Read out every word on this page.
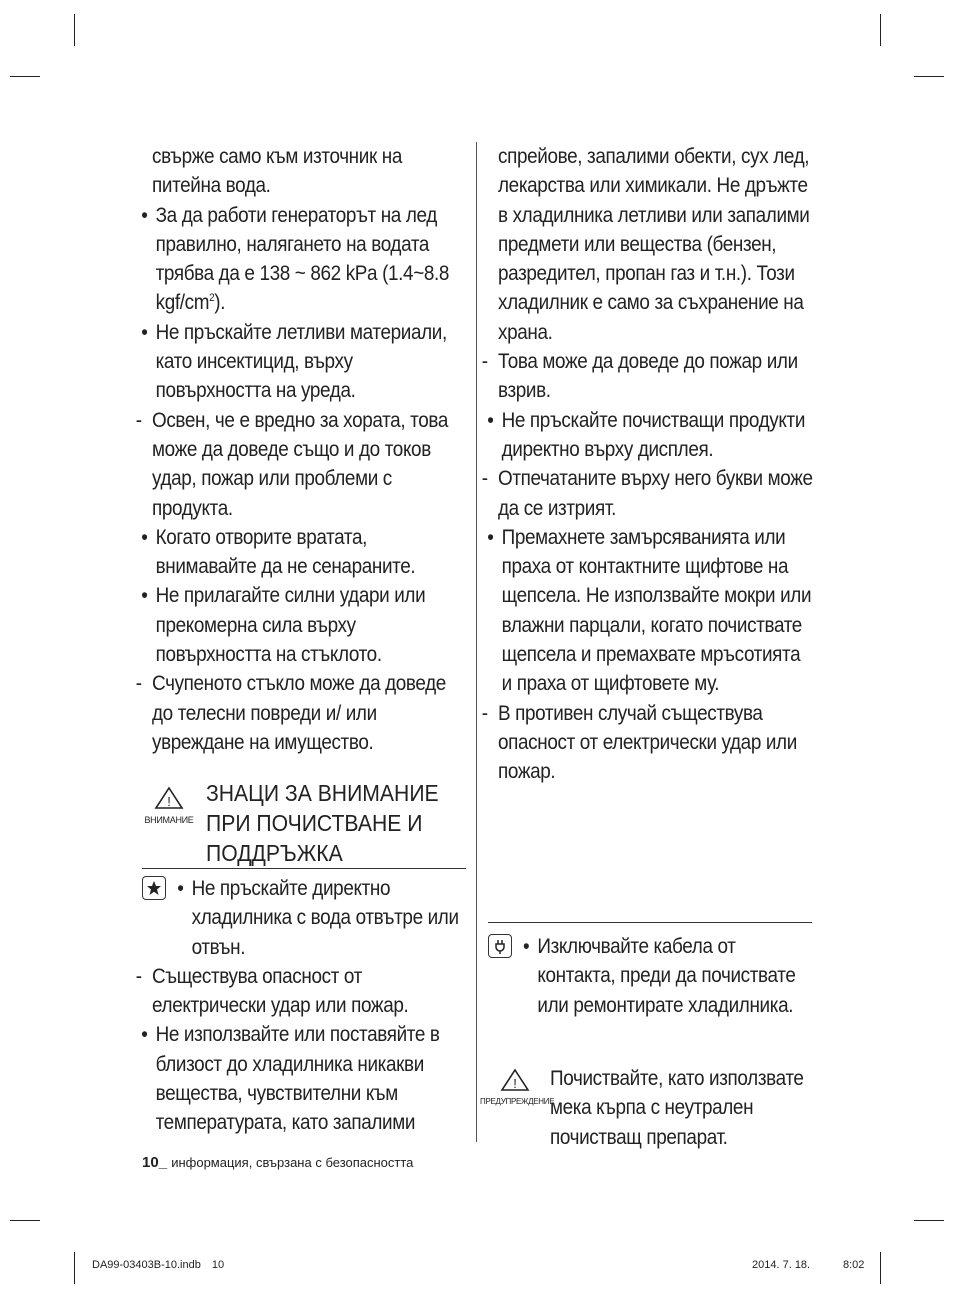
свърже само към източник на питейна вода.

• За да работи генераторът на лед правилно, налягането на водата трябва да е 138 ~ 862 kPa (1.4~8.8 kgf/$cm^2$).

• Не пръскайте летливи материали, като инсектицид, върху повърхността на уреда.

- Освен, че е вредно за хората, това може да доведе също и до токов удар, пожар или проблеми с продукта.

• Когато отворите вратата, внимавайте да не сенараните.

• Не прилагайте силни удари или прекомерна сила върху повърхността на стъклото.

- Счупеното стъкло може да доведе до телесни повреди и/ или увреждане на имущество.

!
ВНИМАНИЕ
ЗНАЦИ ЗА ВНИМАНИЕ
ПРИ ПОЧИСТВАНЕ И
ПОДДРЪЖКА

• Не пръскайте директно хладилника с вода отвътре или отвън.

- Съществува опасност от електрически удар или пожар.

• Не използвайте или поставяйте в близост до хладилника никакви вещества, чувствителни към температурата, като запалими

спрейове, запалими обекти, сух лед, лекарства или химикали. Не дръжте в хладилника летливи или запалими предмети или вещества (бензен, разредител, пропан газ и т.н.). Този хладилник е само за съхранение на храна.

- Това може да доведе до пожар или взрив.

• Не пръскайте почистващи продукти директно върху дисплея.

- Отпечатаните върху него букви може да се изтрият.

• Премахнете замърсяванията или праха от контактните щифтове на щепсела. Не използвайте мокри или влажни парцали, когато почиствате щепсела и премахвате мръсотията и праха от щифтовете му.

- В противен случай съществува опасност от електрически удар или пожар.

• Изключвайте кабела от контакта, преди да почиствате или ремонтирате хладилника.

!
ПРЕДУПРЕЖДЕНИЕ

Почиствайте, като използвате мека кърпа с неутрален почистващ препарат.

10_ информация, свързана с безопасността
DA99-03403B-10.indb 10	2014. 7. 18.	8:02
